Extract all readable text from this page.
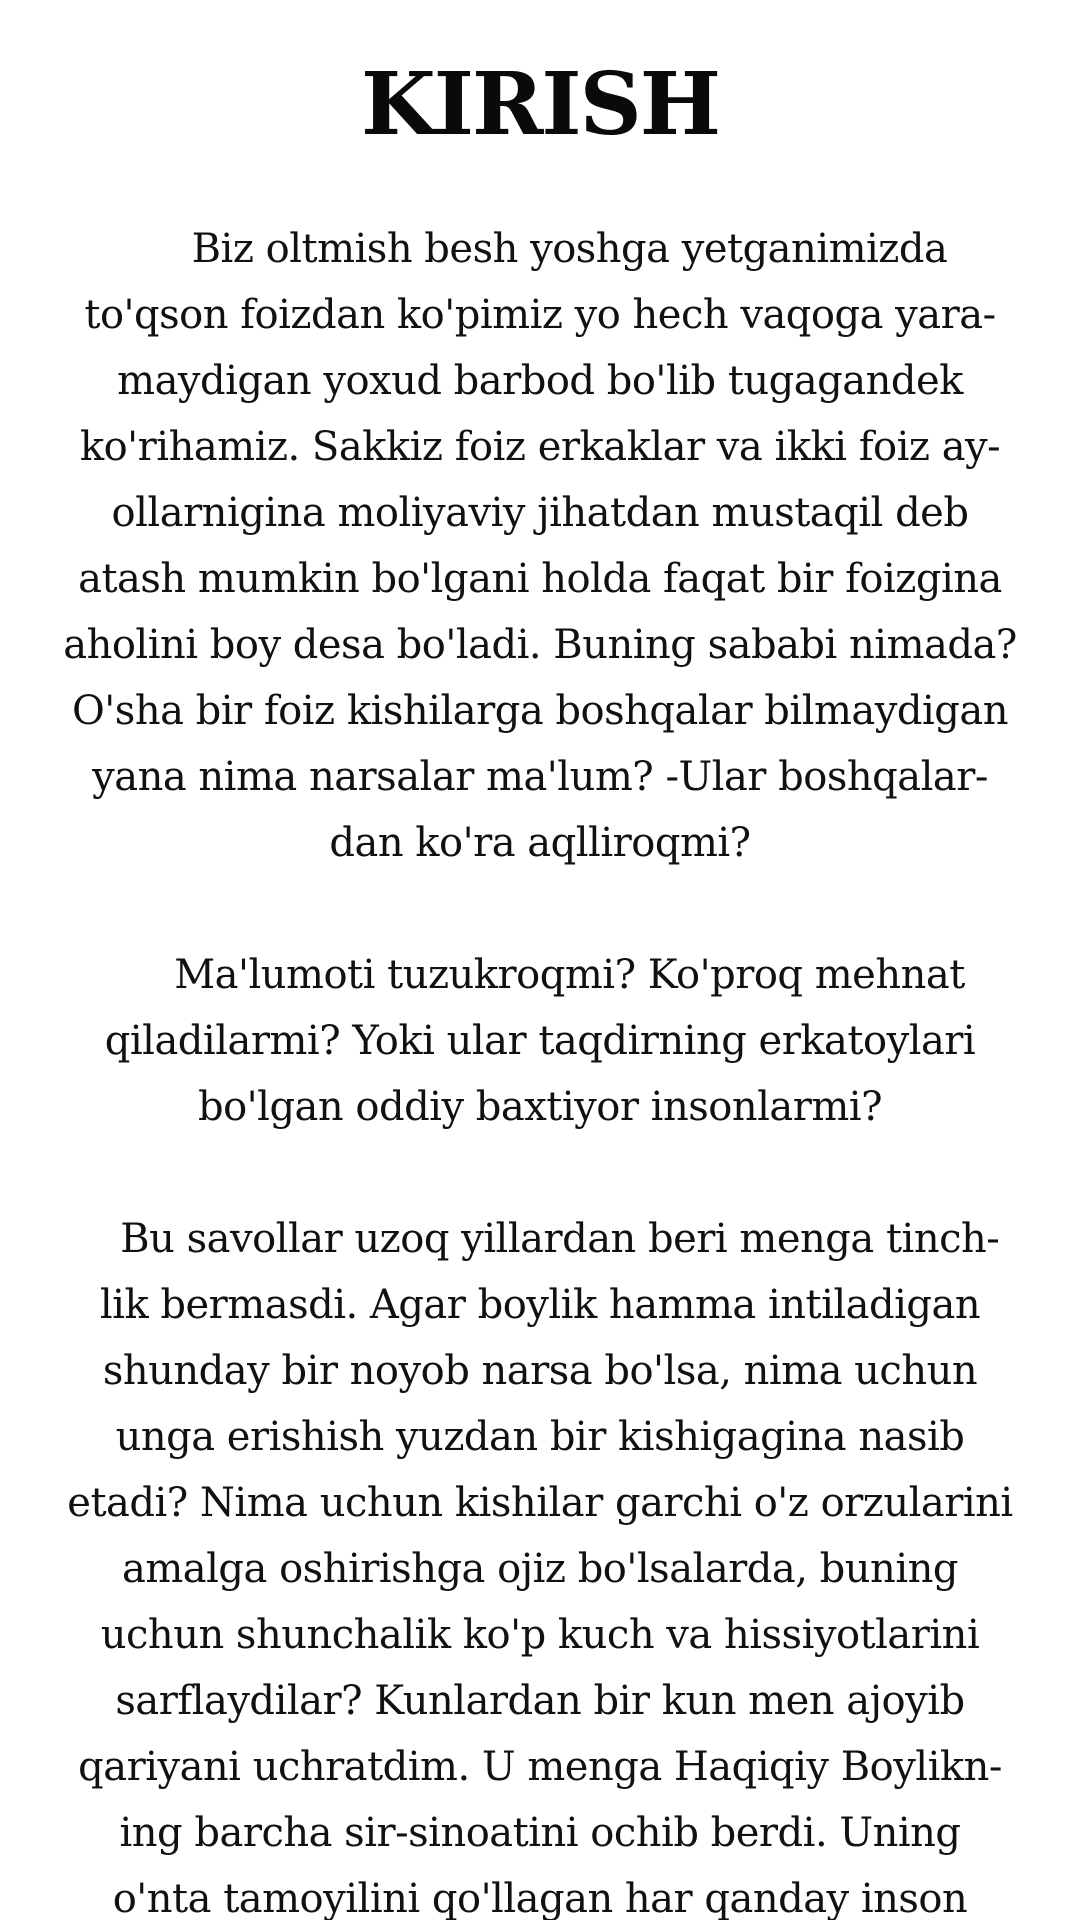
KIRISH

  Biz oltmish besh yoshga yetganimizda
to'qson foizdan ko'pimiz yo hech vaqoga yara-
maydigan yoxud barbod bo'lib tugagandek
ko'rihamiz. Sakkiz foiz erkaklar va ikki foiz ay-
ollarnigina moliyaviy jihatdan mustaqil deb
atash mumkin bo'lgani holda faqat bir foizgina
aholini boy desa bo'ladi. Buning sababi nimada?
O'sha bir foiz kishilarga boshqalar bilmaydigan
yana nima narsalar ma'lum? -Ular boshqalar-
dan ko'ra aqlliroqmi?

  Ma'lumoti tuzukroqmi? Ko'proq mehnat
qiladilarmi? Yoki ular taqdirning erkatoylari
bo'lgan oddiy baxtiyor insonlarmi?

 Bu savollar uzoq yillardan beri menga tinch-
lik bermasdi. Agar boylik hamma intiladigan
shunday bir noyob narsa bo'lsa, nima uchun
unga erishish yuzdan bir kishigagina nasib
etadi? Nima uchun kishilar garchi o'z orzularini
amalga oshirishga ojiz bo'lsalarda, buning
uchun shunchalik ko'p kuch va hissiyotlarini
sarflaydilar? Kunlardan bir kun men ajoyib
qariyani uchratdim. U menga Haqiqiy Boylikn-
ing barcha sir-sinoatini ochib berdi. Uning
o'nta tamoyilini qo'llagan har qanday inson
